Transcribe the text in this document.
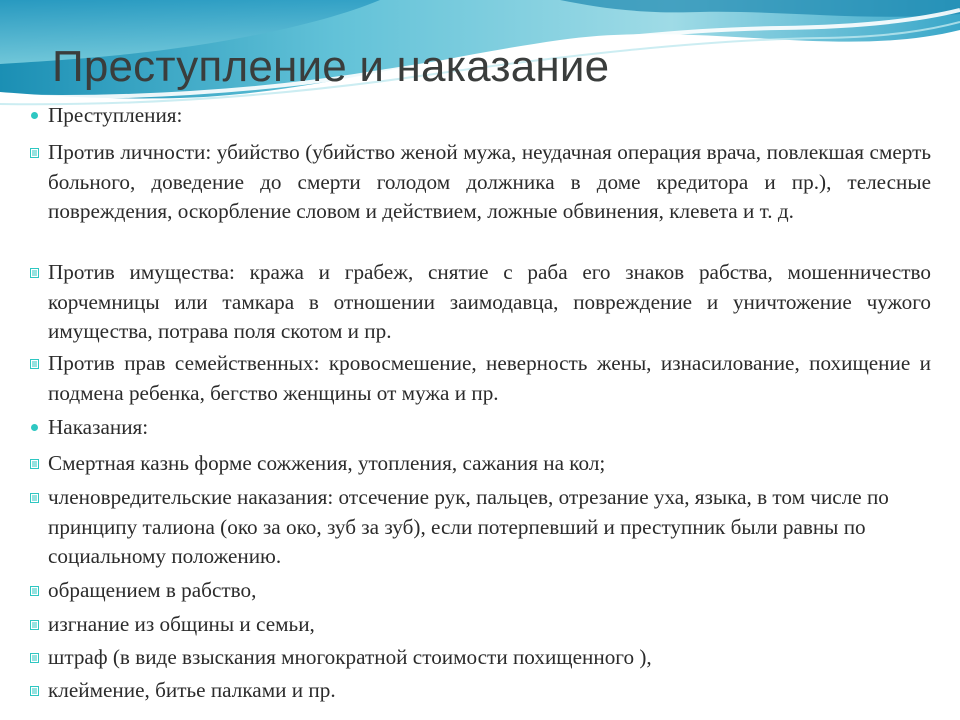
Преступление и наказание
Преступления:
Против личности: убийство (убийство женой мужа, неудачная операция врача, повлекшая смерть больного, доведение до смерти голодом должника в доме кредитора и пр.), телесные повреждения, оскорбление словом и действием, ложные обвинения, клевета и т. д.
Против имущества: кража и грабеж, снятие с раба его знаков рабства, мошенничество корчемницы или тамкара в отношении заимодавца, повреждение и уничтожение чужого имущества, потрава поля скотом и пр.
Против прав семейственных: кровосмешение, неверность жены, изнасилование, похищение и подмена ребенка, бегство женщины от мужа и пр.
Наказания:
Смертная казнь форме сожжения, утопления, сажания на кол;
членовредительские наказания: отсечение рук, пальцев, отрезание уха, языка, в том числе по принципу талиона (око за око, зуб за зуб), если потерпевший и преступник были равны по социальному положению.
обращением в рабство,
изгнание из общины и семьи,
штраф (в виде взыскания многократной стоимости похищенного ),
клеймение, битье палками и пр.
